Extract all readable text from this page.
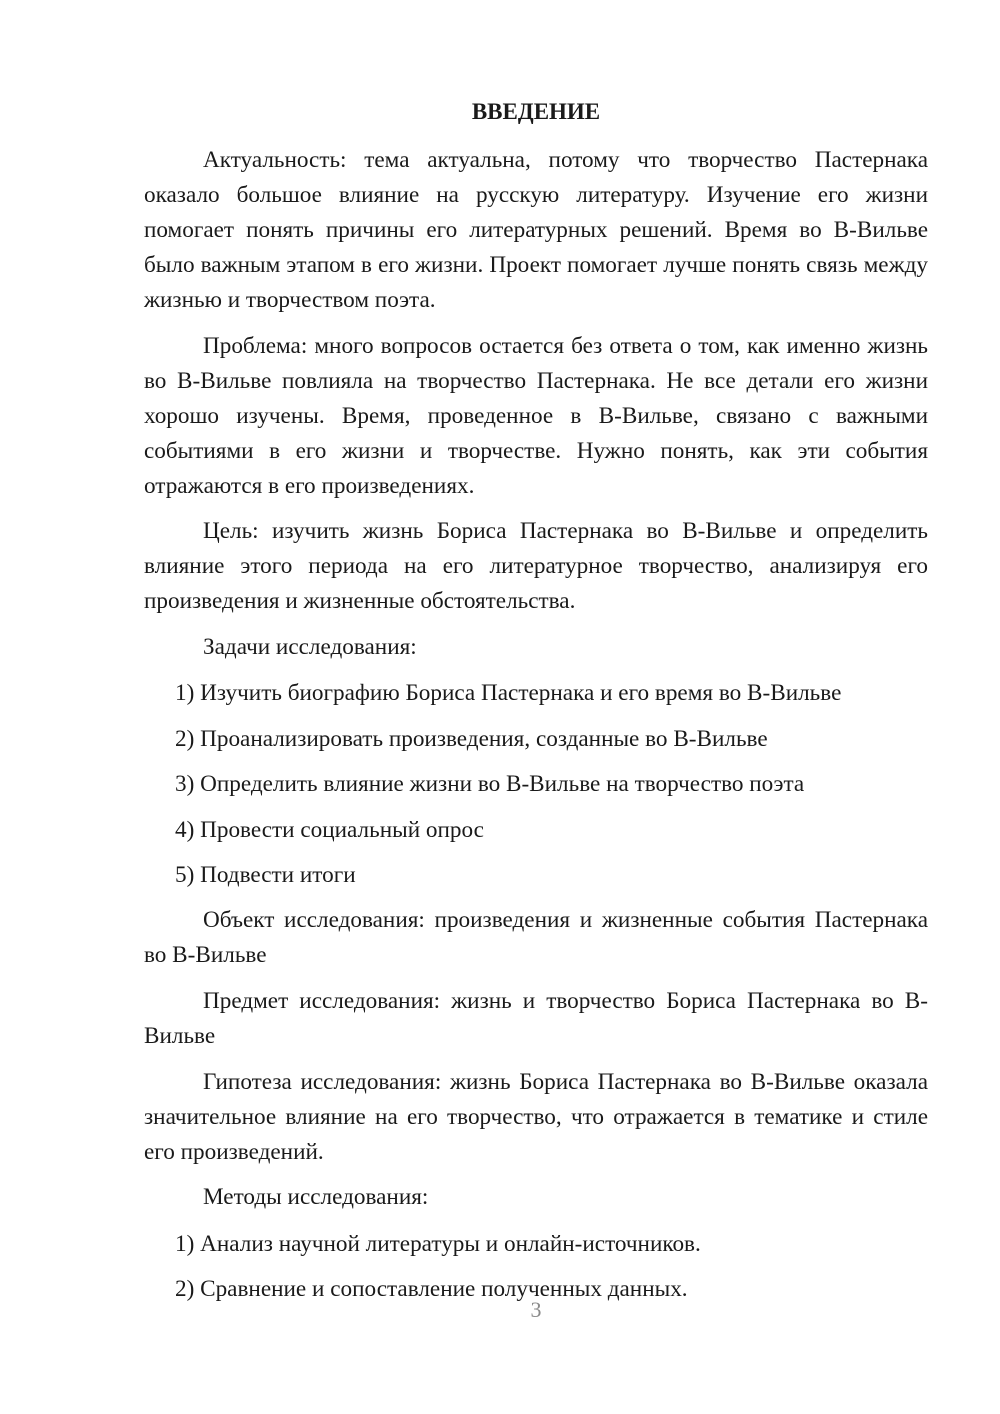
ВВЕДЕНИЕ

Актуальность: тема актуальна, потому что творчество Пастернака оказало большое влияние на русскую литературу. Изучение его жизни помогает понять причины его литературных решений. Время во В-Вильве было важным этапом в его жизни. Проект помогает лучше понять связь между жизнью и творчеством поэта.

Проблема: много вопросов остается без ответа о том, как именно жизнь во В-Вильве повлияла на творчество Пастернака. Не все детали его жизни хорошо изучены. Время, проведенное в В-Вильве, связано с важными событиями в его жизни и творчестве. Нужно понять, как эти события отражаются в его произведениях.

Цель: изучить жизнь Бориса Пастернака во В-Вильве и определить влияние этого периода на его литературное творчество, анализируя его произведения и жизненные обстоятельства.

Задачи исследования:

1) Изучить биографию Бориса Пастернака и его время во В-Вильве

2) Проанализировать произведения, созданные во В-Вильве

3) Определить влияние жизни во В-Вильве на творчество поэта

4) Провести социальный опрос

5) Подвести итоги

Объект исследования: произведения и жизненные события Пастернака во В-Вильве

Предмет исследования: жизнь и творчество Бориса Пастернака во В-Вильве

Гипотеза исследования: жизнь Бориса Пастернака во В-Вильве оказала значительное влияние на его творчество, что отражается в тематике и стиле его произведений.

Методы исследования:

1) Анализ научной литературы и онлайн-источников.

2) Сравнение и сопоставление полученных данных.

3
